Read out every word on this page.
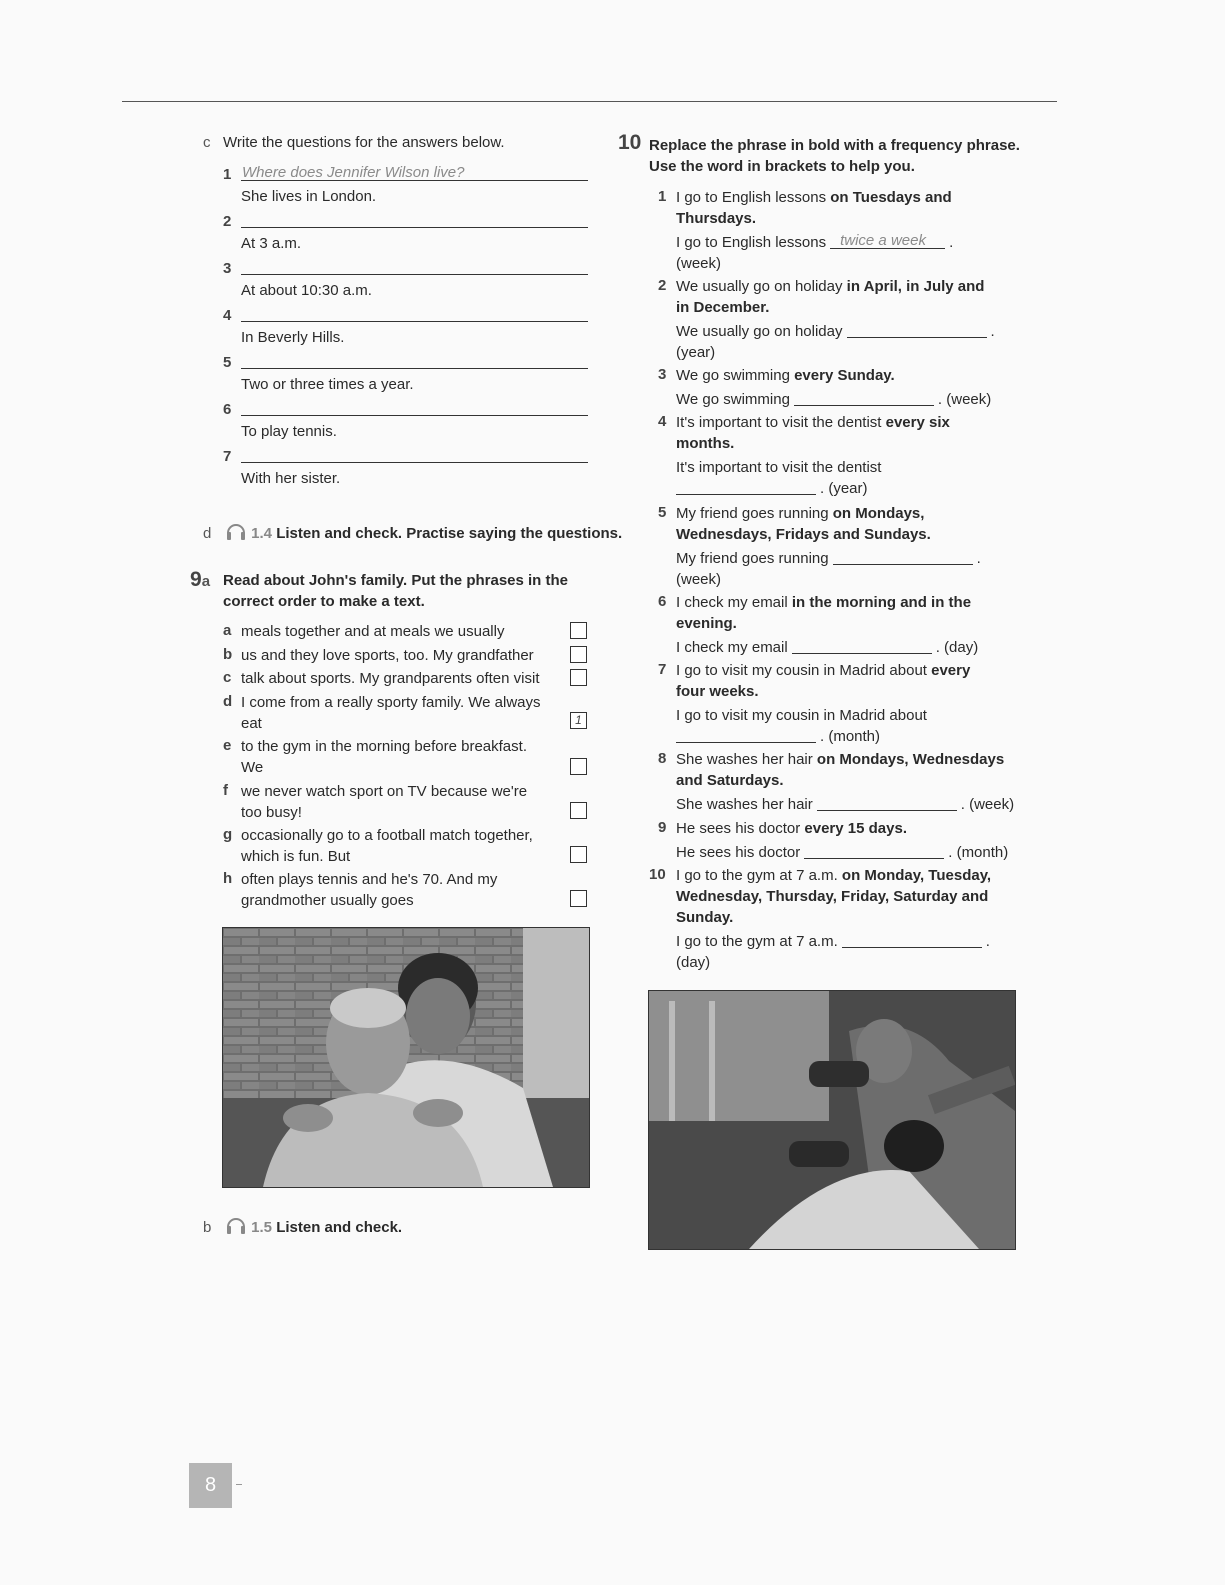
c Write the questions for the answers below.
1 Where does Jennifer Wilson live?
She lives in London.
2
At 3 a.m.
3
At about 10:30 a.m.
4
In Beverly Hills.
5
Two or three times a year.
6
To play tennis.
7
With her sister.
d	1.4 Listen and check. Practise saying the questions.
9a Read about John's family. Put the phrases in the
correct order to make a text.
a meals together and at meals we usually
b us and they love sports, too. My grandfather
c talk about sports. My grandparents often visit
d I come from a really sporty family. We always
eat	1
e to the gym in the morning before breakfast.
We
f we never watch sport on TV because we're
too busy!
g occasionally go to a football match together,
which is fun. But
h often plays tennis and he's 70. And my
grandmother usually goes
b	1.5 Listen and check.
10 Replace the phrase in bold with a frequency phrase.
Use the word in brackets to help you.
1 I go to English lessons on Tuesdays and
Thursdays.
I go to English lessons twice a week .
(week)
2 We usually go on holiday in April, in July and
in December.
We usually go on holiday	.
(year)
3 We go swimming every Sunday.
We go swimming	. (week)
4 It's important to visit the dentist every six
months.
It's important to visit the dentist
. (year)
5 My friend goes running on Mondays,
Wednesdays, Fridays and Sundays.
My friend goes running	.
(week)
6 I check my email in the morning and in the
evening.
I check my email	. (day)
7 I go to visit my cousin in Madrid about every
four weeks.
I go to visit my cousin in Madrid about
. (month)
8 She washes her hair on Mondays, Wednesdays
and Saturdays.
She washes her hair	. (week)
9 He sees his doctor every 15 days.
He sees his doctor	. (month)
10 I go to the gym at 7 a.m. on Monday, Tuesday,
Wednesday, Thursday, Friday, Saturday and
Sunday.
I go to the gym at 7 a.m.	.
(day)
8
